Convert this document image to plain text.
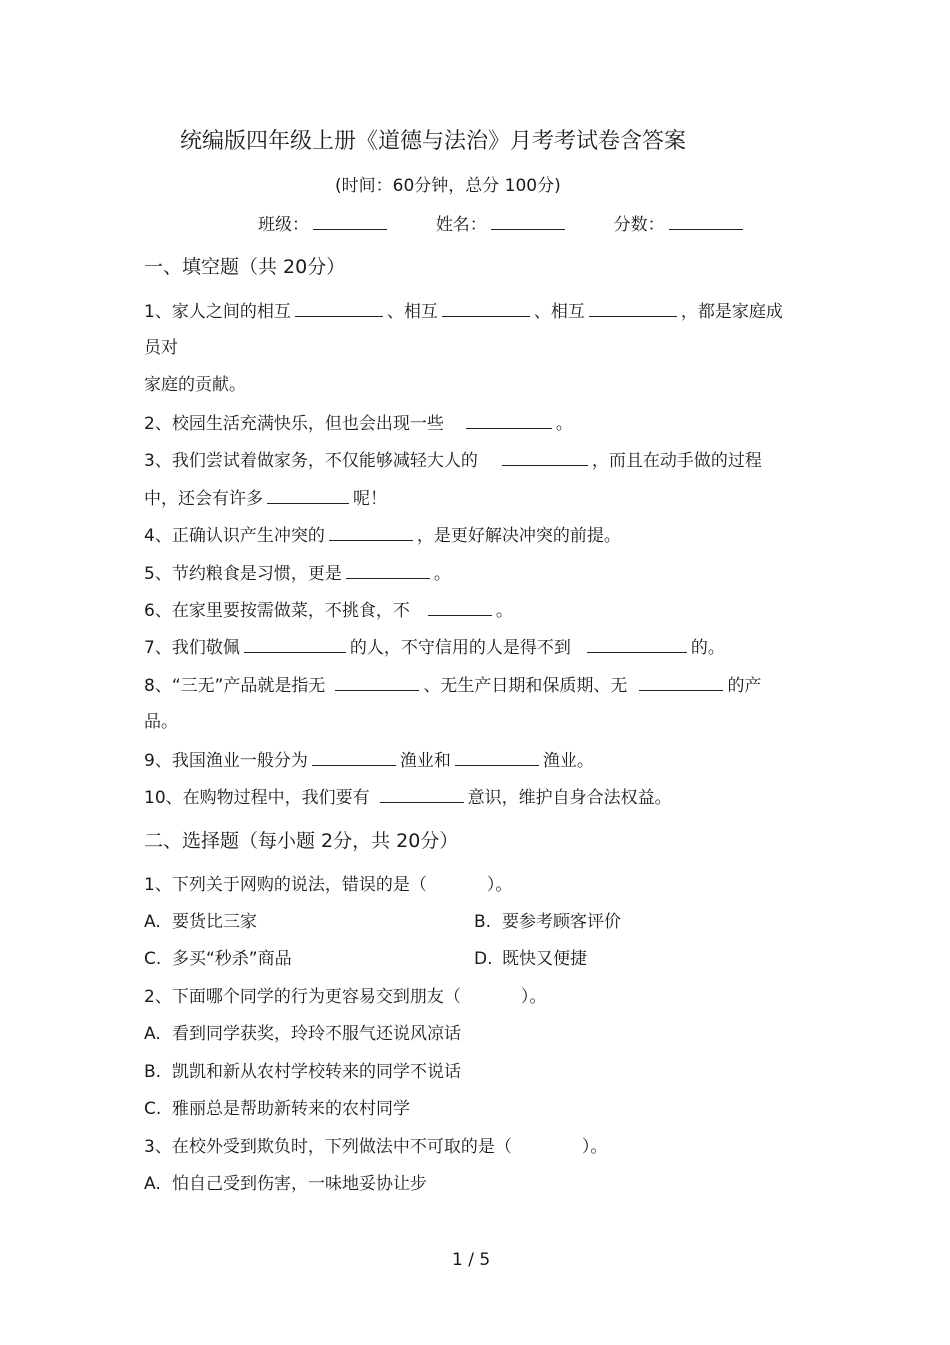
统编版四年级上册《道德与法治》月考考试卷含答案
(时间：60分钟，总分 100分)
班级：	姓名：	分数：
一、填空题（共 20分）
1、家人之间的相互	、相互	、相互	，都是家庭成
员对
家庭的贡献。
2、校园生活充满快乐，但也会出现一些	。
3、我们尝试着做家务，不仅能够减轻大人的	，而且在动手做的过程
中，还会有许多	呢！
4、正确认识产生冲突的	，是更好解决冲突的前提。
5、节约粮食是习惯，更是	。
6、在家里要按需做菜，不挑食，不	。
7、我们敬佩	的人，不守信用的人是得不到	的。
8、“三无”产品就是指无	、无生产日期和保质期、无	的产
品。
9、我国渔业一般分为	渔业和	渔业。
10、在购物过程中，我们要有	意识，维护自身合法权益。
二、选择题（每小题 2分，共 20分）
1、下列关于网购的说法，错误的是（	）。
A. 要货比三家	B. 要参考顾客评价
C. 多买“秒杀”商品	D. 既快又便捷
2、下面哪个同学的行为更容易交到朋友（	）。
A. 看到同学获奖，玲玲不服气还说风凉话
B. 凯凯和新从农村学校转来的同学不说话
C. 雅丽总是帮助新转来的农村同学
3、在校外受到欺负时，下列做法中不可取的是（	）。
A. 怕自己受到伤害，一味地妥协让步
1 / 5
